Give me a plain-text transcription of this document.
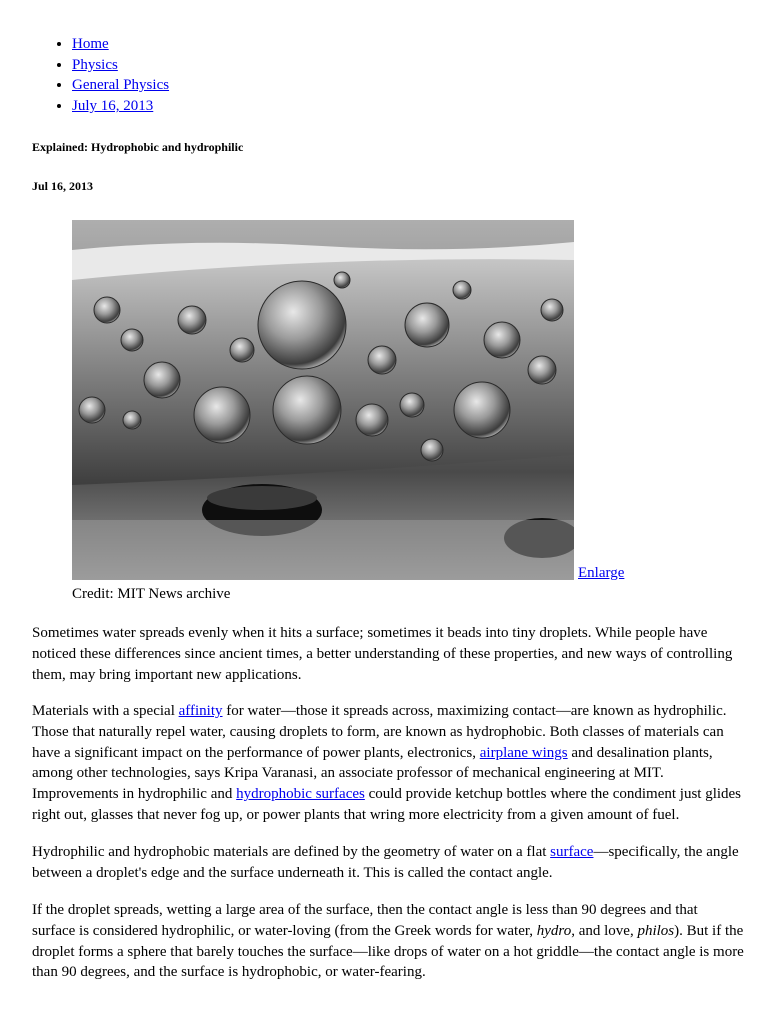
• Home
• Physics
• General Physics
• July 16, 2013
Explained: Hydrophobic and hydrophilic

Jul 16, 2013

Enlarge

Credit: MIT News archive

Sometimes water spreads evenly when it hits a surface; sometimes it beads into tiny droplets. While people have noticed these differences since ancient times, a better understanding of these properties, and new ways of controlling them, may bring important new applications.

Materials with a special affinity for water—those it spreads across, maximizing contact—are known as hydrophilic. Those that naturally repel water, causing droplets to form, are known as hydrophobic. Both classes of materials can have a significant impact on the performance of power plants, electronics, airplane wings and desalination plants, among other technologies, says Kripa Varanasi, an associate professor of mechanical engineering at MIT. Improvements in hydrophilic and hydrophobic surfaces could provide ketchup bottles where the condiment just glides right out, glasses that never fog up, or power plants that wring more electricity from a given amount of fuel.

Hydrophilic and hydrophobic materials are defined by the geometry of water on a flat surface—specifically, the angle between a droplet's edge and the surface underneath it. This is called the contact angle.

If the droplet spreads, wetting a large area of the surface, then the contact angle is less than 90 degrees and that surface is considered hydrophilic, or water-loving (from the Greek words for water, hydro, and love, philos). But if the droplet forms a sphere that barely touches the surface—like drops of water on a hot griddle—the contact angle is more than 90 degrees, and the surface is hydrophobic, or water-fearing.
